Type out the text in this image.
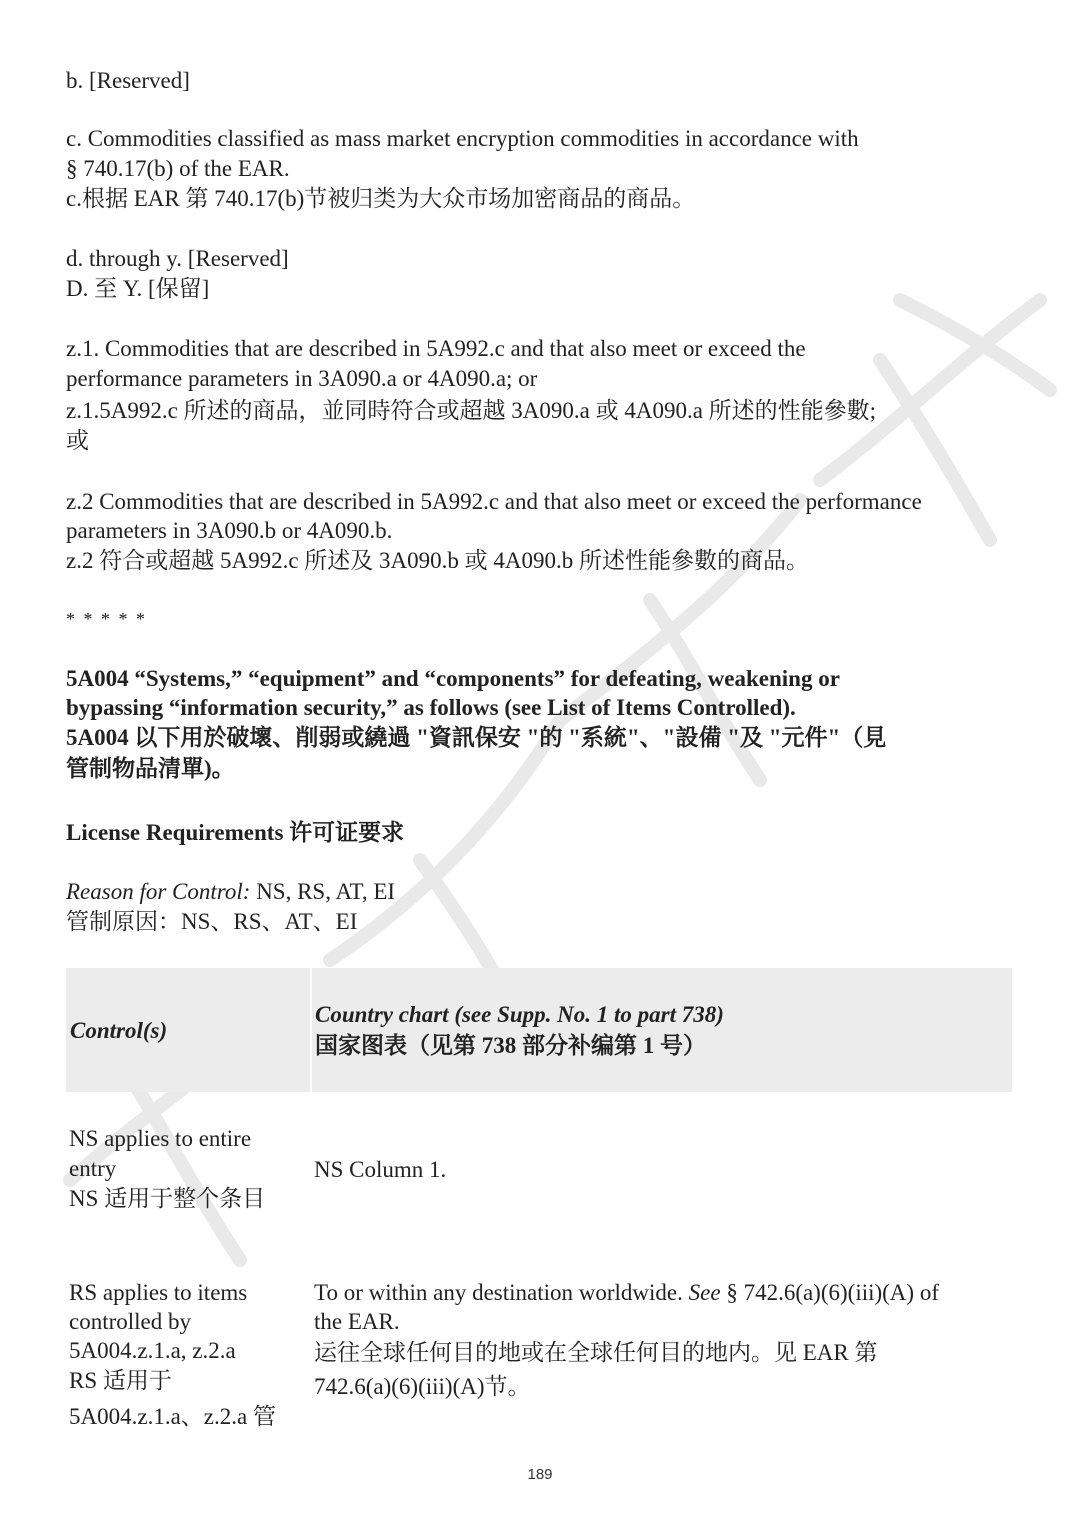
b. [Reserved]

c. Commodities classified as mass market encryption commodities in accordance with

§ 740.17(b) of the EAR.

c.根据 EAR 第 740.17(b)节被归类为大众市场加密商品的商品。

d. through y. [Reserved]

D. 至 Y. [保留]

z.1. Commodities that are described in 5A992.c and that also meet or exceed the

performance parameters in 3A090.a or 4A090.a; or

z.1.5A992.c 所述的商品，並同時符合或超越 3A090.a 或 4A090.a 所述的性能參數;

或

z.2 Commodities that are described in 5A992.c and that also meet or exceed the performance

parameters in 3A090.b or 4A090.b.

z.2 符合或超越 5A992.c 所述及 3A090.b 或 4A090.b 所述性能參數的商品。

* * * * *

5A004 “Systems,” “equipment” and “components” for defeating, weakening or

bypassing “information security,” as follows (see List of Items Controlled).

5A004 以下用於破壞、削弱或繞過 "資訊保安 "的 "系統"、"設備 "及 "元件"（見

管制物品清單)。

License Requirements 许可证要求

Reason for Control: NS, RS, AT, EI

管制原因：NS、RS、AT、EI

Control(s)
Country chart (see Supp. No. 1 to part 738)
国家图表（见第 738 部分补编第 1 号）
NS applies to entire
entry
NS 适用于整个条目
NS Column 1.
RS applies to items
controlled by
5A004.z.1.a, z.2.a
RS 适用于
5A004.z.1.a、z.2.a 管
To or within any destination worldwide. See § 742.6(a)(6)(iii)(A) of
the EAR.
运往全球任何目的地或在全球任何目的地内。见 EAR 第
742.6(a)(6)(iii)(A)节。
189
